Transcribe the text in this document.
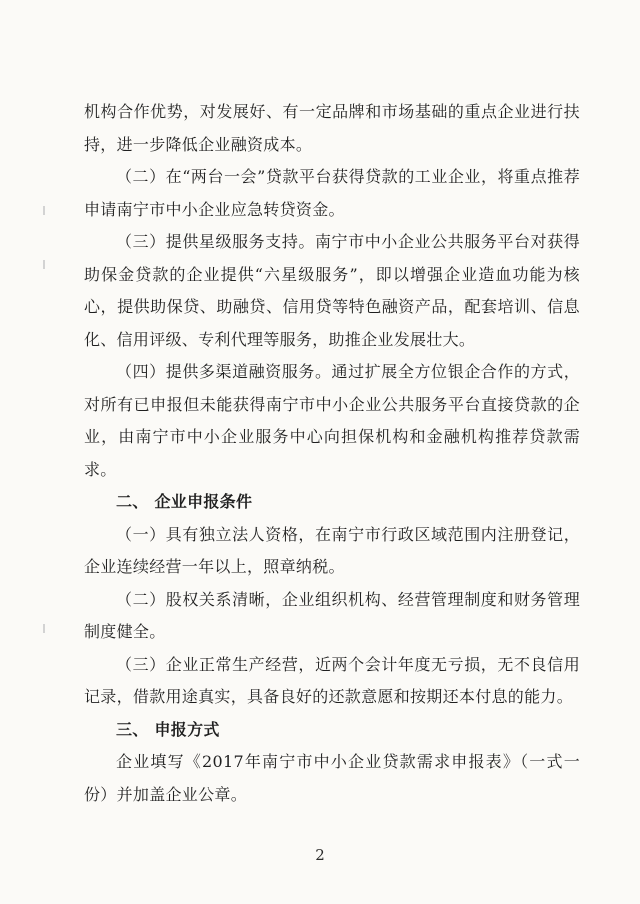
机构合作优势，对发展好、有一定品牌和市场基础的重点企业进行扶持，进一步降低企业融资成本。

（二）在“两台一会”贷款平台获得贷款的工业企业，将重点推荐申请南宁市中小企业应急转贷资金。

（三）提供星级服务支持。南宁市中小企业公共服务平台对获得助保金贷款的企业提供“六星级服务”，即以增强企业造血功能为核心，提供助保贷、助融贷、信用贷等特色融资产品，配套培训、信息化、信用评级、专利代理等服务，助推企业发展壮大。

（四）提供多渠道融资服务。通过扩展全方位银企合作的方式，对所有已申报但未能获得南宁市中小企业公共服务平台直接贷款的企业，由南宁市中小企业服务中心向担保机构和金融机构推荐贷款需求。

二、 企业申报条件

（一）具有独立法人资格，在南宁市行政区域范围内注册登记，企业连续经营一年以上，照章纳税。

（二）股权关系清晰，企业组织机构、经营管理制度和财务管理制度健全。

（三）企业正常生产经营，近两个会计年度无亏损，无不良信用记录，借款用途真实，具备良好的还款意愿和按期还本付息的能力。

三、 申报方式

企业填写《2017年南宁市中小企业贷款需求申报表》（一式一份）并加盖企业公章。

2
